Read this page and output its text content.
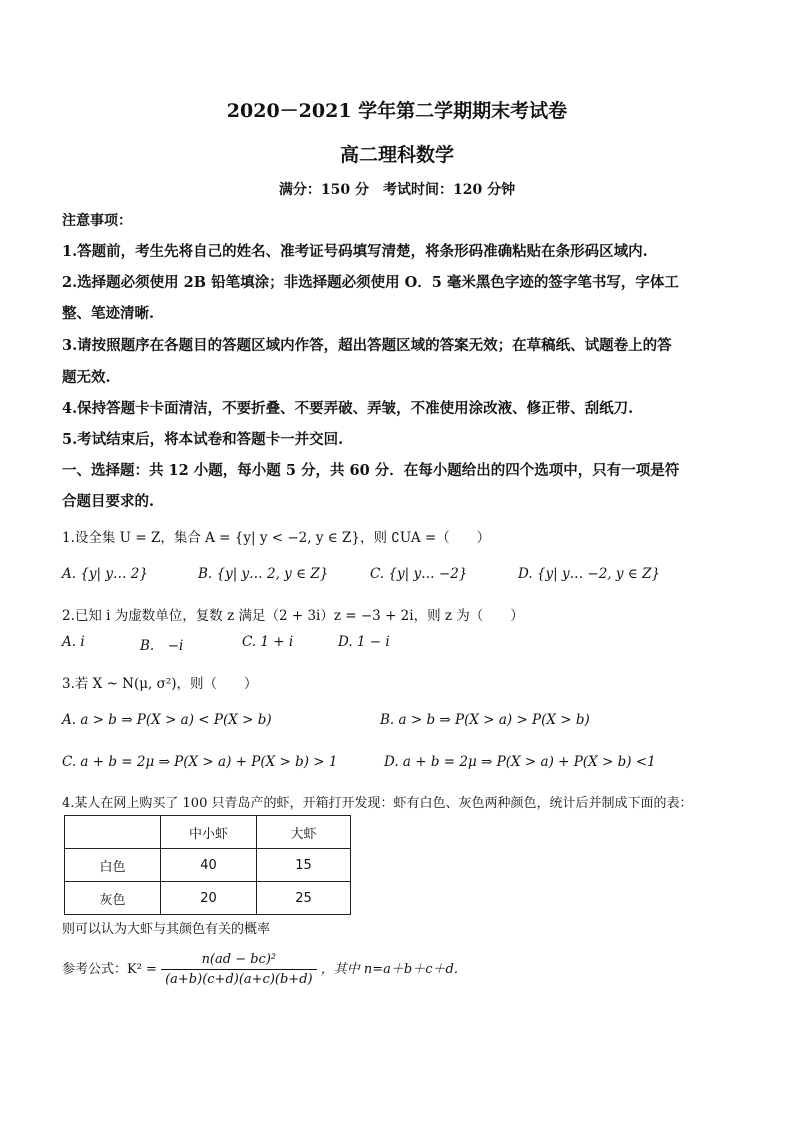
2020－2021 学年第二学期期末考试卷
高二理科数学
满分：150 分　考试时间：120 分钟
注意事项：
1.答题前，考生先将自己的姓名、准考证号码填写清楚，将条形码准确粘贴在条形码区域内.
2.选择题必须使用 2B 铅笔填涂；非选择题必须使用 O．5 毫米黑色字迹的签字笔书写，字体工
整、笔迹清晰.
3.请按照题序在各题目的答题区域内作答，超出答题区域的答案无效；在草稿纸、试题卷上的答
题无效.
4.保持答题卡卡面清洁，不要折叠、不要弄破、弄皱，不准使用涂改液、修正带、刮纸刀.
5.考试结束后，将本试卷和答题卡一并交回.
一、选择题：共 12 小题，每小题 5 分，共 60 分．在每小题给出的四个选项中，只有一项是符
合题目要求的.
1.设全集 U = Z，集合 A = {y| y < −2, y ∈ Z}，则 ∁UA =（　　）
A. {y| y… 2}	B. {y| y… 2, y ∈ Z}	C. {y| y… −2}	D. {y| y… −2, y ∈ Z}
2.已知 i 为虚数单位，复数 z 满足（2 + 3i）z = −3 + 2i，则 z 为（　　）
A. i	B.　−i	C. 1 + i	D. 1 − i
3.若 X ~ N(μ, σ²)，则（　　）
A. a > b ⇒ P(X > a) < P(X > b)	B. a > b ⇒ P(X > a) > P(X > b)
C. a + b = 2μ ⇒ P(X > a) + P(X > b) > 1	D. a + b = 2μ ⇒ P(X > a) + P(X > b) <1
4.某人在网上购买了 100 只青岛产的虾，开箱打开发现：虾有白色、灰色两种颜色，统计后并制成下面的表：
	中小虾	大虾
白色	40	15
灰色	20	25
则可以认为大虾与其颜色有关的概率
参考公式：$K^2 = \frac{\text{n(ad − bc)²}}{(a+b)(c+d)(a+c)(b+d)}$ ，其中 n=a＋b＋c＋d．
